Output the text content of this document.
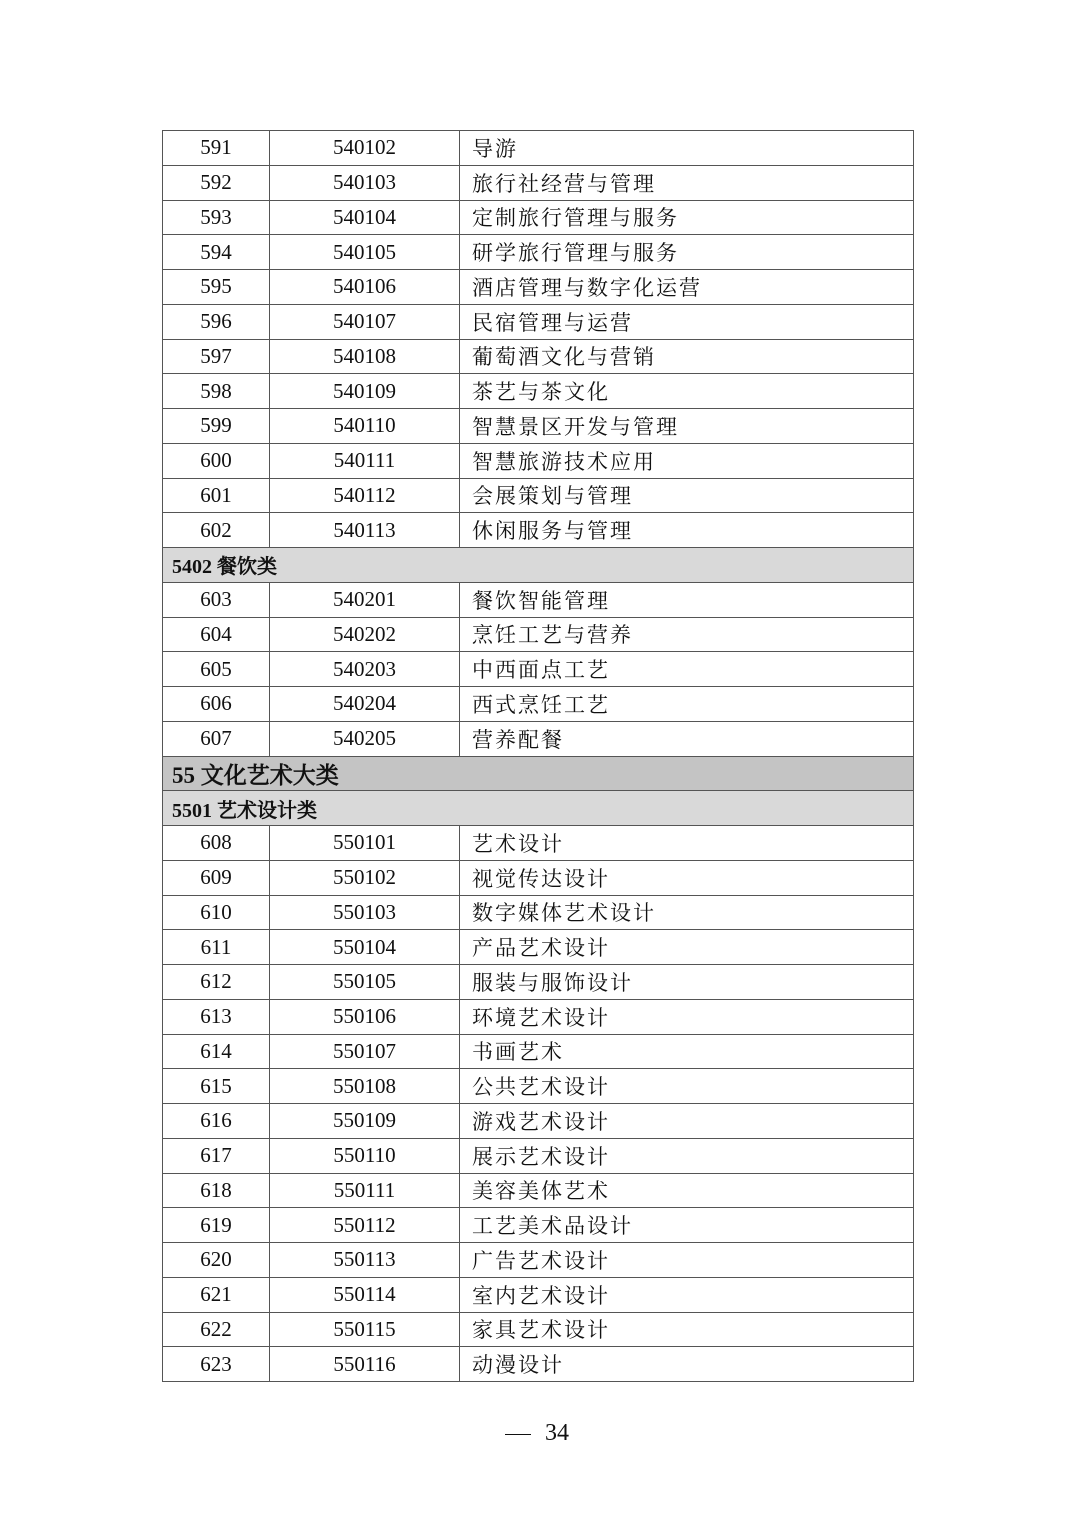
591	540102	导游
592	540103	旅行社经营与管理
593	540104	定制旅行管理与服务
594	540105	研学旅行管理与服务
595	540106	酒店管理与数字化运营
596	540107	民宿管理与运营
597	540108	葡萄酒文化与营销
598	540109	茶艺与茶文化
599	540110	智慧景区开发与管理
600	540111	智慧旅游技术应用
601	540112	会展策划与管理
602	540113	休闲服务与管理
5402 餐饮类		
603	540201	餐饮智能管理
604	540202	烹饪工艺与营养
605	540203	中西面点工艺
606	540204	西式烹饪工艺
607	540205	营养配餐
55 文化艺术大类		
5501 艺术设计类		
608	550101	艺术设计
609	550102	视觉传达设计
610	550103	数字媒体艺术设计
611	550104	产品艺术设计
612	550105	服装与服饰设计
613	550106	环境艺术设计
614	550107	书画艺术
615	550108	公共艺术设计
616	550109	游戏艺术设计
617	550110	展示艺术设计
618	550111	美容美体艺术
619	550112	工艺美术品设计
620	550113	广告艺术设计
621	550114	室内艺术设计
622	550115	家具艺术设计
623	550116	动漫设计
34
